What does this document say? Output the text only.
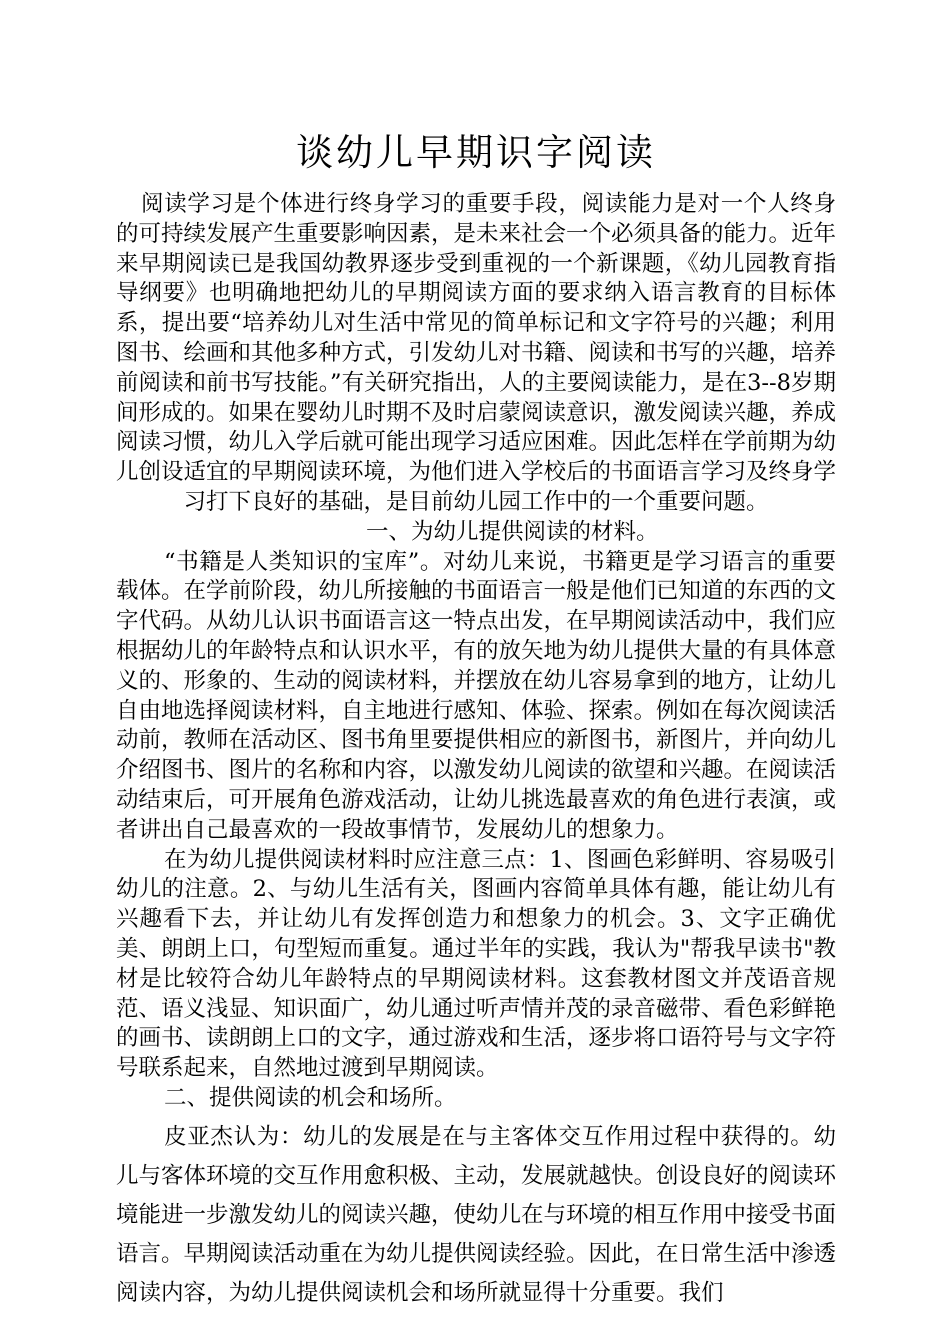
谈幼儿早期识字阅读

阅读学习是个体进行终身学习的重要手段，阅读能力是对一个人终身的可持续发展产生重要影响因素，是未来社会一个必须具备的能力。近年来早期阅读已是我国幼教界逐步受到重视的一个新课题，《幼儿园教育指导纲要》也明确地把幼儿的早期阅读方面的要求纳入语言教育的目标体系，提出要“培养幼儿对生活中常见的简单标记和文字符号的兴趣；利用图书、绘画和其他多种方式，引发幼儿对书籍、阅读和书写的兴趣，培养前阅读和前书写技能。”有关研究指出，人的主要阅读能力，是在3--8岁期间形成的。如果在婴幼儿时期不及时启蒙阅读意识，激发阅读兴趣，养成阅读习惯，幼儿入学后就可能出现学习适应困难。因此怎样在学前期为幼儿创设适宜的早期阅读环境，为他们进入学校后的书面语言学习及终身学习打下良好的基础，是目前幼儿园工作中的一个重要问题。

一、为幼儿提供阅读的材料。

“书籍是人类知识的宝库”。对幼儿来说，书籍更是学习语言的重要载体。在学前阶段，幼儿所接触的书面语言一般是他们已知道的东西的文字代码。从幼儿认识书面语言这一特点出发，在早期阅读活动中，我们应根据幼儿的年龄特点和认识水平，有的放矢地为幼儿提供大量的有具体意义的、形象的、生动的阅读材料，并摆放在幼儿容易拿到的地方，让幼儿自由地选择阅读材料，自主地进行感知、体验、探索。例如在每次阅读活动前，教师在活动区、图书角里要提供相应的新图书，新图片，并向幼儿介绍图书、图片的名称和内容，以激发幼儿阅读的欲望和兴趣。在阅读活动结束后，可开展角色游戏活动，让幼儿挑选最喜欢的角色进行表演，或者讲出自己最喜欢的一段故事情节，发展幼儿的想象力。

在为幼儿提供阅读材料时应注意三点：1、图画色彩鲜明、容易吸引幼儿的注意。2、与幼儿生活有关，图画内容简单具体有趣，能让幼儿有兴趣看下去，并让幼儿有发挥创造力和想象力的机会。3、文字正确优美、朗朗上口，句型短而重复。通过半年的实践，我认为"帮我早读书"教材是比较符合幼儿年龄特点的早期阅读材料。这套教材图文并茂语音规范、语义浅显、知识面广，幼儿通过听声情并茂的录音磁带、看色彩鲜艳的画书、读朗朗上口的文字，通过游戏和生活，逐步将口语符号与文字符号联系起来，自然地过渡到早期阅读。

二、提供阅读的机会和场所。

皮亚杰认为：幼儿的发展是在与主客体交互作用过程中获得的。幼儿与客体环境的交互作用愈积极、主动，发展就越快。创设良好的阅读环境能进一步激发幼儿的阅读兴趣，使幼儿在与环境的相互作用中接受书面语言。早期阅读活动重在为幼儿提供阅读经验。因此，在日常生活中渗透阅读内容，为幼儿提供阅读机会和场所就显得十分重要。我们
